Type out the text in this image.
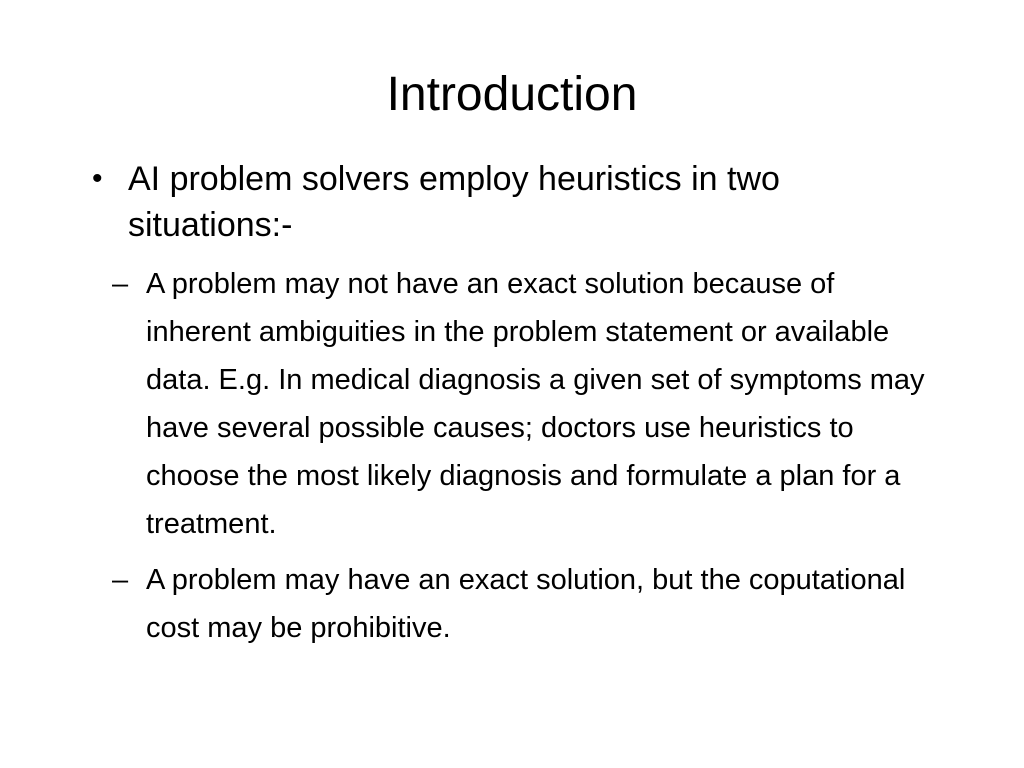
Introduction
• AI problem solvers employ heuristics in two situations:-
– A problem may not have an exact solution because of inherent ambiguities in the problem statement or available data. E.g. In medical diagnosis a given set of symptoms may have several possible causes; doctors use heuristics to choose the most likely diagnosis and formulate a plan for a treatment.
– A problem may have an exact solution, but the coputational cost may be prohibitive.
